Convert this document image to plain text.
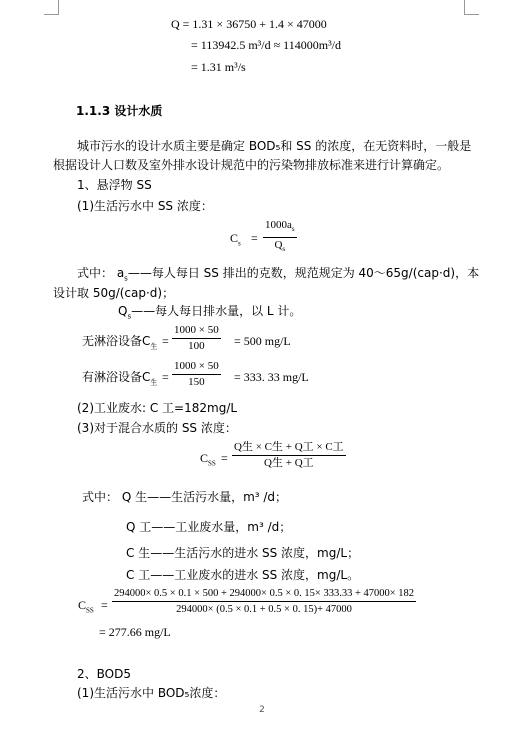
Q = 1.31 × 36750 + 1.4 × 47000
= 113942.5 m³/d ≈ 114000m³/d
= 1.31 m³/s
1.1.3 设计水质
城市污水的设计水质主要是确定 BOD₅和 SS 的浓度，在无资料时，一般是
根据设计人口数及室外排水设计规范中的污染物排放标准来进行计算确定。
1、悬浮物 SS
(1)生活污水中 SS 浓度：
$C_s$ =
$1000a_s$
$Q_s$
式中： $a_s——$每人每日 SS 排出的克数，规范规定为 40～65g/(cap·d)，本
设计取 50g/(cap·d)；
$Q_s——$每人每日排水量，以 L 计。
无淋浴设备$C_生$ =
1000 × 50
100 = 500 mg/L
有淋浴设备$C_生$ =
1000 × 50
150 = 333. 33 mg/L
(2)工业废水: C 工=182mg/L
(3)对于混合水质的 SS 浓度：
$C_{SS}$ =
Q生 × C生 + Q工 × C工
Q生 + Q工
式中： Q 生——生活污水量，m³ /d；
Q 工——工业废水量，m³ /d；
C 生——生活污水的进水 SS 浓度，mg/L；
C 工——工业废水的进水 SS 浓度，mg/L。
$C_{SS}$ =
294000× 0.5 × 0.1 × 500 + 294000× 0.5 × 0. 15× 333.33 + 47000× 182
294000× (0.5 × 0.1 + 0.5 × 0. 15)+ 47000
= 277.66 mg/L
2、BOD5
(1)生活污水中 BOD₅浓度：
2
